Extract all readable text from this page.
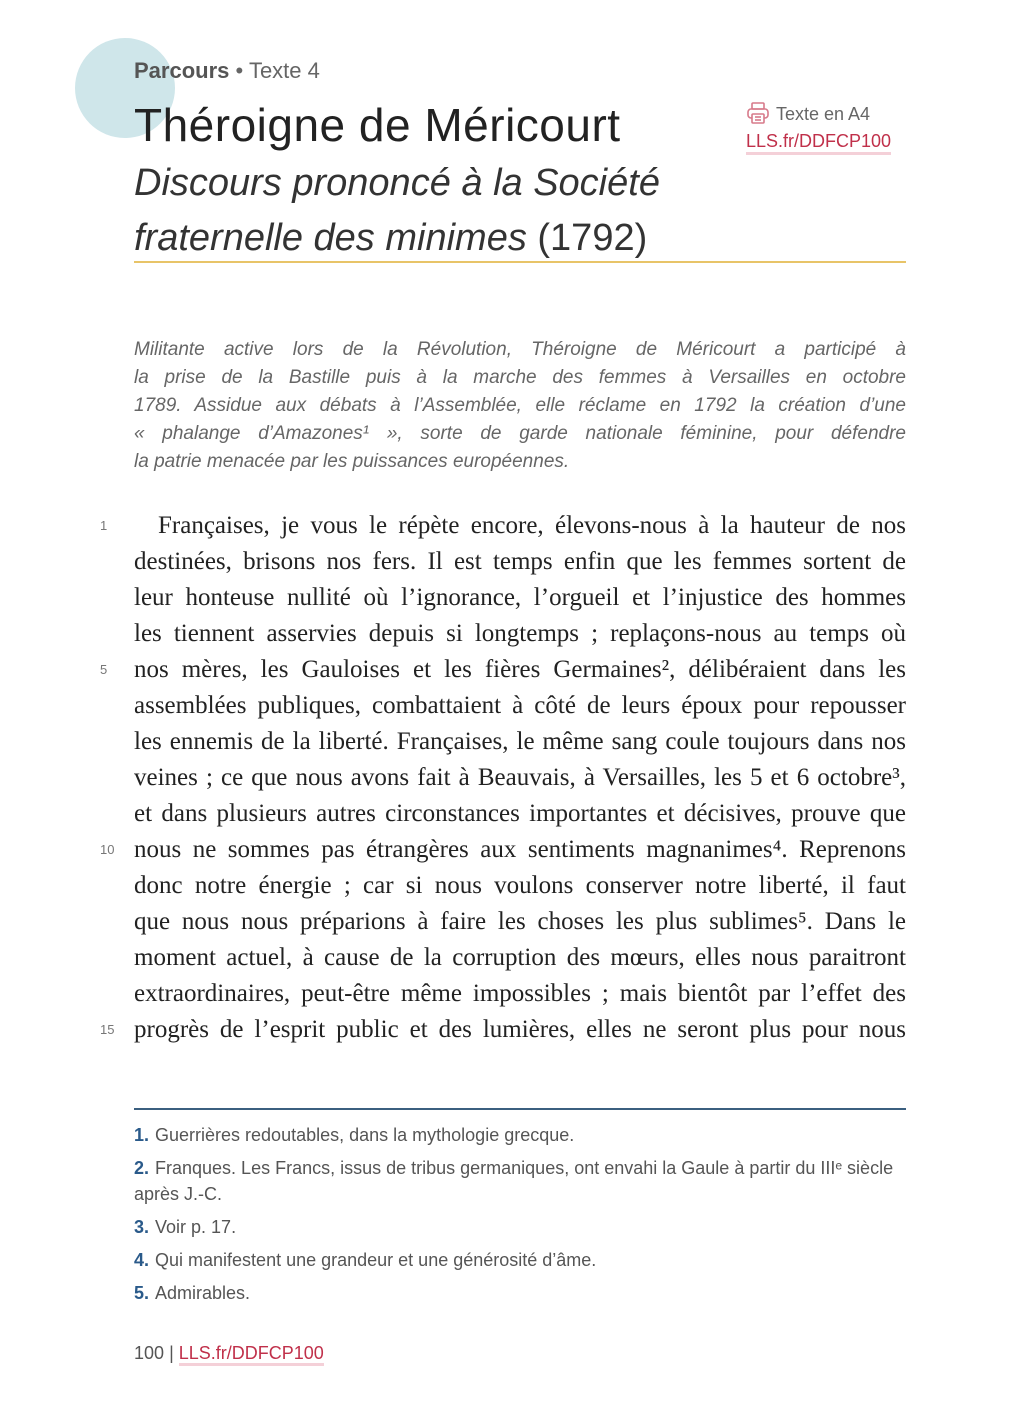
Parcours • Texte 4
Théroigne de Méricourt
Discours prononcé à la Société fraternelle des minimes (1792)
Texte en A4
LLS.fr/DDFCP100
Militante active lors de la Révolution, Théroigne de Méricourt a participé à
la prise de la Bastille puis à la marche des femmes à Versailles en octobre
1789. Assidue aux débats à l’Assemblée, elle réclame en 1792 la création d’une
« phalange d’Amazones¹ », sorte de garde nationale féminine, pour défendre
la patrie menacée par les puissances européennes.
1	Françaises, je vous le répète encore, élevons-nous à la hauteur de nos
destinées, brisons nos fers. Il est temps enfin que les femmes sortent de
leur honteuse nullité où l’ignorance, l’orgueil et l’injustice des hommes
les tiennent asservies depuis si longtemps ; replaçons-nous au temps où
5	nos mères, les Gauloises et les fières Germaines², délibéraient dans les
assemblées publiques, combattaient à côté de leurs époux pour repousser
les ennemis de la liberté. Françaises, le même sang coule toujours dans nos
veines ; ce que nous avons fait à Beauvais, à Versailles, les 5 et 6 octobre³,
et dans plusieurs autres circonstances importantes et décisives, prouve que
10 nous ne sommes pas étrangères aux sentiments magnanimes⁴. Reprenons
donc notre énergie ; car si nous voulons conserver notre liberté, il faut
que nous nous préparions à faire les choses les plus sublimes⁵. Dans le
moment actuel, à cause de la corruption des mœurs, elles nous paraitront
extraordinaires, peut-être même impossibles ; mais bientôt par l’effet des
15 progrès de l’esprit public et des lumières, elles ne seront plus pour nous
1. Guerrières redoutables, dans la mythologie grecque.
2. Franques. Les Francs, issus de tribus germaniques, ont envahi la Gaule à partir du IIIᵉ siècle après J.-C.
3. Voir p. 17.
4. Qui manifestent une grandeur et une générosité d’âme.
5. Admirables.
100 | LLS.fr/DDFCP100
